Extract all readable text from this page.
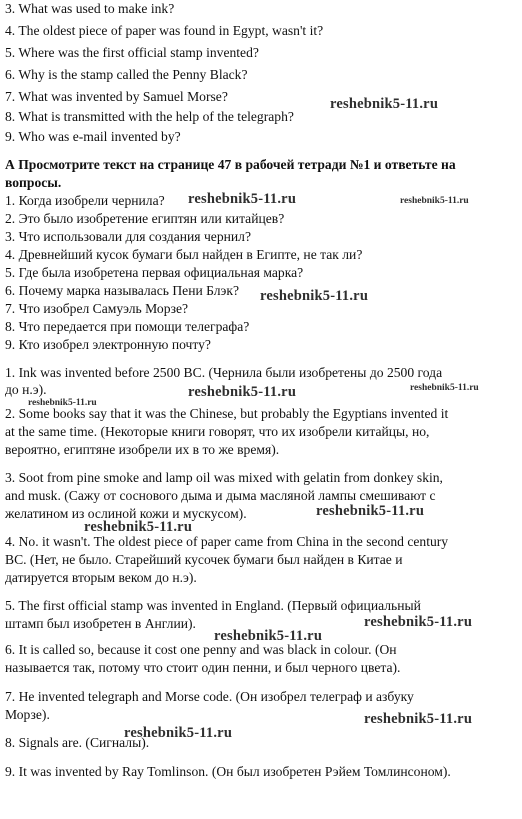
3. What was used to make ink?
4. The oldest piece of paper was found in Egypt, wasn't it?
5. Where was the first official stamp invented?
6. Why is the stamp called the Penny Black?
7. What was invented by Samuel Morse?
8. What is transmitted with the help of the telegraph?
9. Who was e-mail invented by?
А Просмотрите текст на странице 47 в рабочей тетради №1 и ответьте на
вопросы.
1. Когда изобрели чернила?
2. Это было изобретение египтян или китайцев?
3. Что использовали для создания чернил?
4. Древнейший кусок бумаги был найден в Египте, не так ли?
5. Где была изобретена первая официальная марка?
6. Почему марка называлась Пени Блэк?
7. Что изобрел Самуэль Морзе?
8. Что передается при помощи телеграфа?
9. Кто изобрел электронную почту?
1. Ink was invented before 2500 BC. (Чернила были изобретены до 2500 года
до н.э).
2. Some books say that it was the Chinese, but probably the Egyptians invented it
at the same time. (Некоторые книги говорят, что их изобрели китайцы, но,
вероятно, египтяне изобрели их в то же время).
3. Soot from pine smoke and lamp oil was mixed with gelatin from donkey skin,
and musk. (Сажу от соснового дыма и дыма масляной лампы смешивают с
желатином из ослиной кожи и мускусом).
4. No. it wasn't. The oldest piece of paper came from China in the second century
BC. (Нет, не было. Старейший кусочек бумаги был найден в Китае и
датируется вторым веком до н.э).
5. The first official stamp was invented in England. (Первый официальный
штамп был изобретен в Англии).
6. It is called so, because it cost one penny and was black in colour. (Он
называется так, потому что стоит один пенни, и был черного цвета).
7. He invented telegraph and Morse code. (Он изобрел телеграф и азбуку
Морзе).
8. Signals are. (Сигналы).
9. It was invented by Ray Tomlinson. (Он был изобретен Рэйем Томлинсоном).
reshebnik5-11.ru
reshebnik5-11.ru
reshebnik5-11.ru
reshebnik5-11.ru
reshebnik5-11.ru
reshebnik5-11.ru
reshebnik5-11.ru
reshebnik5-11.ru
reshebnik5-11.ru
reshebnik5-11.ru
reshebnik5-11.ru
reshebnik5-11.ru
reshebnik5-11.ru
